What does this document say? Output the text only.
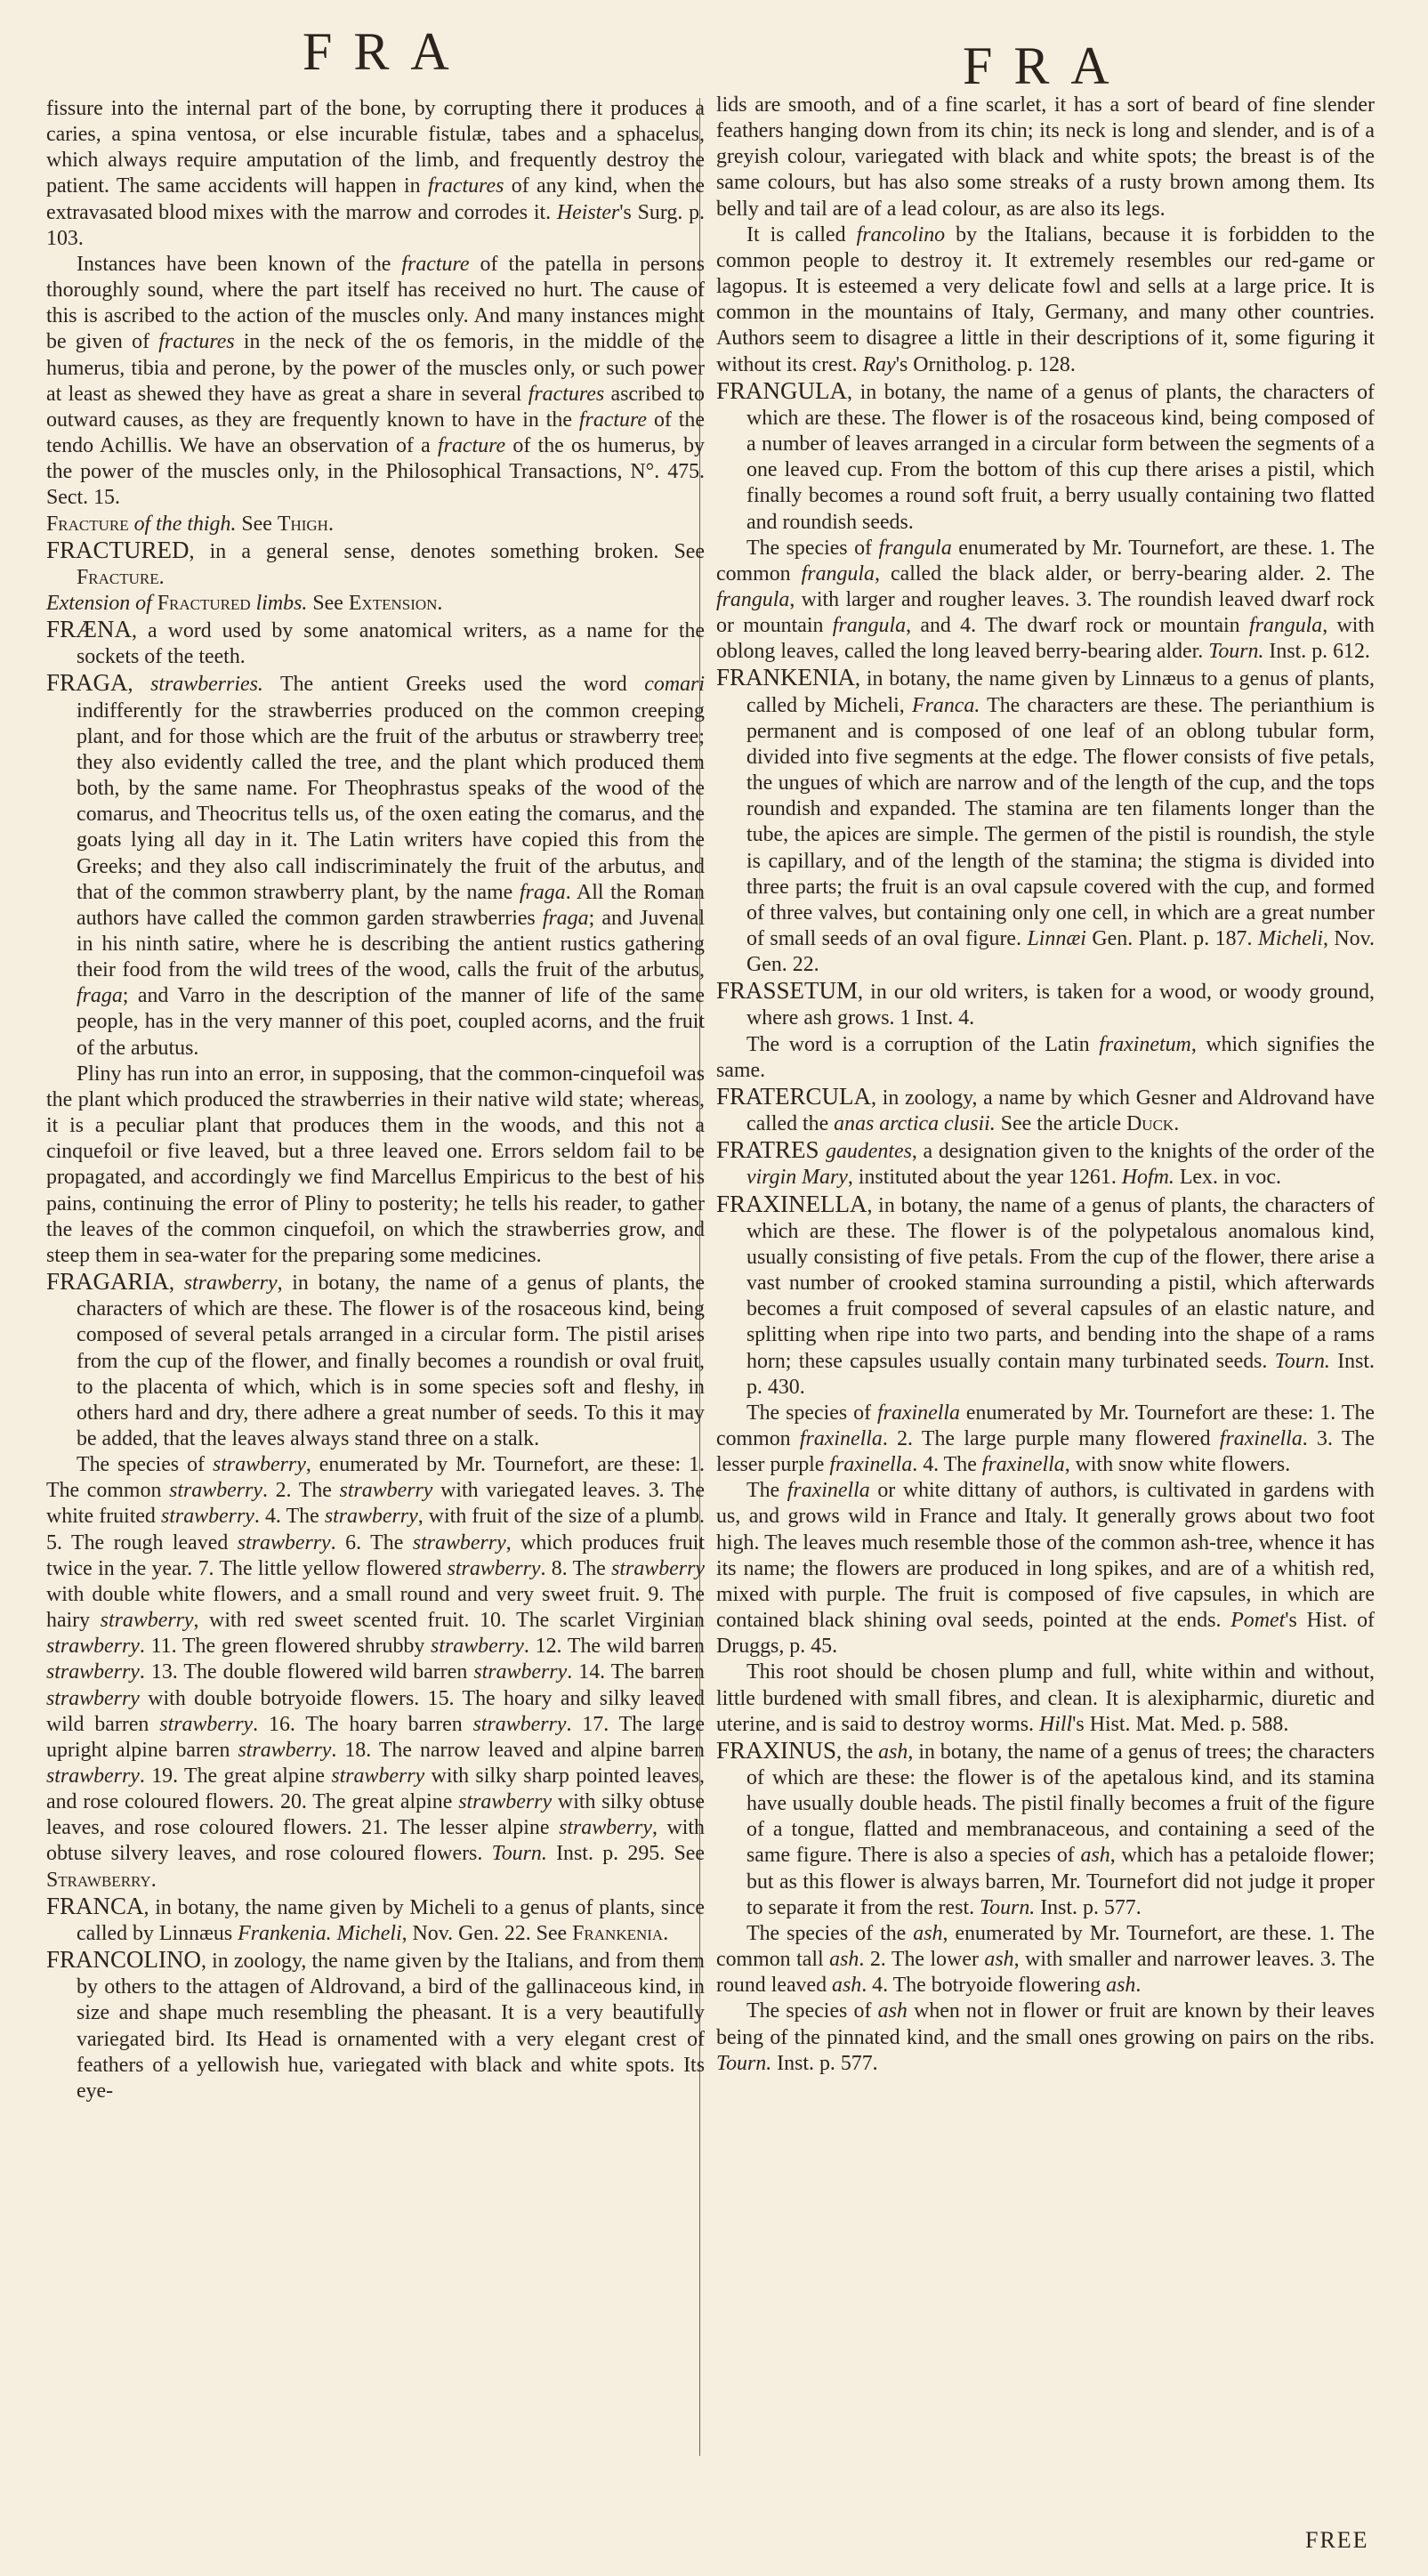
FRA	FRA

fissure into the internal part of the bone, by corrupting there it produces a caries, a spina ventosa, or else incurable fistulæ, tabes and a sphacelus, which always require amputation of the limb, and frequently destroy the patient. The same accidents will happen in fractures of any kind, when the extravasated blood mixes with the marrow and corrodes it. Heister's Surg. p. 103.

Instances have been known of the fracture of the patella in persons thoroughly sound, where the part itself has received no hurt. The cause of this is ascribed to the action of the muscles only. And many instances might be given of fractures in the neck of the os femoris, in the middle of the humerus, tibia and perone, by the power of the muscles only, or such power at least as shewed they have as great a share in several fractures ascribed to outward causes, as they are frequently known to have in the fracture of the tendo Achillis. We have an observation of a fracture of the os humerus, by the power of the muscles only, in the Philosophical Transactions, N°. 475. Sect. 15.

Fracture of the thigh. See Thigh.

FRACTURED, in a general sense, denotes something broken. See Fracture.

Extension of Fractured limbs. See Extension.

FRÆNA, a word used by some anatomical writers, as a name for the sockets of the teeth.

FRAGA, strawberries. The antient Greeks used the word comari indifferently for the strawberries produced on the common creeping plant, and for those which are the fruit of the arbutus or strawberry tree; they also evidently called the tree, and the plant which produced them both, by the same name. For Theophrastus speaks of the wood of the comarus, and Theocritus tells us, of the oxen eating the comarus, and the goats lying all day in it. The Latin writers have copied this from the Greeks; and they also call indiscriminately the fruit of the arbutus, and that of the common strawberry plant, by the name fraga. All the Roman authors have called the common garden strawberries fraga; and Juvenal in his ninth satire, where he is describing the antient rustics gathering their food from the wild trees of the wood, calls the fruit of the arbutus, fraga; and Varro in the description of the manner of life of the same people, has in the very manner of this poet, coupled acorns, and the fruit of the arbutus.

Pliny has run into an error, in supposing, that the common-cinquefoil was the plant which produced the strawberries in their native wild state; whereas, it is a peculiar plant that produces them in the woods, and this not a cinquefoil or five leaved, but a three leaved one. Errors seldom fail to be propagated, and accordingly we find Marcellus Empiricus to the best of his pains, continuing the error of Pliny to posterity; he tells his reader, to gather the leaves of the common cinquefoil, on which the strawberries grow, and steep them in sea-water for the preparing some medicines.

FRAGARIA, strawberry, in botany, the name of a genus of plants, the characters of which are these. The flower is of the rosaceous kind, being composed of several petals arranged in a circular form. The pistil arises from the cup of the flower, and finally becomes a roundish or oval fruit, to the placenta of which, which is in some species soft and fleshy, in others hard and dry, there adhere a great number of seeds. To this it may be added, that the leaves always stand three on a stalk.

The species of strawberry, enumerated by Mr. Tournefort, are these: 1. The common strawberry. 2. The strawberry with variegated leaves. 3. The white fruited strawberry. 4. The strawberry, with fruit of the size of a plumb. 5. The rough leaved strawberry. 6. The strawberry, which produces fruit twice in the year. 7. The little yellow flowered strawberry. 8. The strawberry with double white flowers, and a small round and very sweet fruit. 9. The hairy strawberry, with red sweet scented fruit. 10. The scarlet Virginian strawberry. 11. The green flowered shrubby strawberry. 12. The wild barren strawberry. 13. The double flowered wild barren strawberry. 14. The barren strawberry with double botryoide flowers. 15. The hoary and silky leaved wild barren strawberry. 16. The hoary barren strawberry. 17. The large upright alpine barren strawberry. 18. The narrow leaved and alpine barren strawberry. 19. The great alpine strawberry with silky sharp pointed leaves, and rose coloured flowers. 20. The great alpine strawberry with silky obtuse leaves, and rose coloured flowers. 21. The lesser alpine strawberry, with obtuse silvery leaves, and rose coloured flowers. Tourn. Inst. p. 295. See Strawberry.

FRANCA, in botany, the name given by Micheli to a genus of plants, since called by Linnæus Frankenia. Micheli, Nov. Gen. 22. See Frankenia.

FRANCOLINO, in zoology, the name given by the Italians, and from them by others to the attagen of Aldrovand, a bird of the gallinaceous kind, in size and shape much resembling the pheasant. It is a very beautifully variegated bird. Its Head is ornamented with a very elegant crest of feathers of a yellowish hue, variegated with black and white spots. Its eye-

lids are smooth, and of a fine scarlet, it has a sort of beard of fine slender feathers hanging down from its chin; its neck is long and slender, and is of a greyish colour, variegated with black and white spots; the breast is of the same colours, but has also some streaks of a rusty brown among them. Its belly and tail are of a lead colour, as are also its legs.

It is called francolino by the Italians, because it is forbidden to the common people to destroy it. It extremely resembles our red-game or lagopus. It is esteemed a very delicate fowl and sells at a large price. It is common in the mountains of Italy, Germany, and many other countries. Authors seem to disagree a little in their descriptions of it, some figuring it without its crest. Ray's Ornitholog. p. 128.

FRANGULA, in botany, the name of a genus of plants, the characters of which are these. The flower is of the rosaceous kind, being composed of a number of leaves arranged in a circular form between the segments of a one leaved cup. From the bottom of this cup there arises a pistil, which finally becomes a round soft fruit, a berry usually containing two flatted and roundish seeds.

The species of frangula enumerated by Mr. Tournefort, are these. 1. The common frangula, called the black alder, or berry-bearing alder. 2. The frangula, with larger and rougher leaves. 3. The roundish leaved dwarf rock or mountain frangula, and 4. The dwarf rock or mountain frangula, with oblong leaves, called the long leaved berry-bearing alder. Tourn. Inst. p. 612.

FRANKENIA, in botany, the name given by Linnæus to a genus of plants, called by Micheli, Franca. The characters are these. The perianthium is permanent and is composed of one leaf of an oblong tubular form, divided into five segments at the edge. The flower consists of five petals, the ungues of which are narrow and of the length of the cup, and the tops roundish and expanded. The stamina are ten filaments longer than the tube, the apices are simple. The germen of the pistil is roundish, the style is capillary, and of the length of the stamina; the stigma is divided into three parts; the fruit is an oval capsule covered with the cup, and formed of three valves, but containing only one cell, in which are a great number of small seeds of an oval figure. Linnæi Gen. Plant. p. 187. Micheli, Nov. Gen. 22.

FRASSETUM, in our old writers, is taken for a wood, or woody ground, where ash grows. 1 Inst. 4.

The word is a corruption of the Latin fraxinetum, which signifies the same.

FRATERCULA, in zoology, a name by which Gesner and Aldrovand have called the anas arctica clusii. See the article Duck.

FRATRES gaudentes, a designation given to the knights of the order of the virgin Mary, instituted about the year 1261. Hofm. Lex. in voc.

FRAXINELLA, in botany, the name of a genus of plants, the characters of which are these. The flower is of the polypetalous anomalous kind, usually consisting of five petals. From the cup of the flower, there arise a vast number of crooked stamina surrounding a pistil, which afterwards becomes a fruit composed of several capsules of an elastic nature, and splitting when ripe into two parts, and bending into the shape of a rams horn; these capsules usually contain many turbinated seeds. Tourn. Inst. p. 430.

The species of fraxinella enumerated by Mr. Tournefort are these: 1. The common fraxinella. 2. The large purple many flowered fraxinella. 3. The lesser purple fraxinella. 4. The fraxinella, with snow white flowers.

The fraxinella or white dittany of authors, is cultivated in gardens with us, and grows wild in France and Italy. It generally grows about two foot high. The leaves much resemble those of the common ash-tree, whence it has its name; the flowers are produced in long spikes, and are of a whitish red, mixed with purple. The fruit is composed of five capsules, in which are contained black shining oval seeds, pointed at the ends. Pomet's Hist. of Druggs, p. 45.

This root should be chosen plump and full, white within and without, little burdened with small fibres, and clean. It is alexipharmic, diuretic and uterine, and is said to destroy worms. Hill's Hist. Mat. Med. p. 588.

FRAXINUS, the ash, in botany, the name of a genus of trees; the characters of which are these: the flower is of the apetalous kind, and its stamina have usually double heads. The pistil finally becomes a fruit of the figure of a tongue, flatted and membranaceous, and containing a seed of the same figure. There is also a species of ash, which has a petaloide flower; but as this flower is always barren, Mr. Tournefort did not judge it proper to separate it from the rest. Tourn. Inst. p. 577.

The species of the ash, enumerated by Mr. Tournefort, are these. 1. The common tall ash. 2. The lower ash, with smaller and narrower leaves. 3. The round leaved ash. 4. The botryoide flowering ash.

The species of ash when not in flower or fruit are known by their leaves being of the pinnated kind, and the small ones growing on pairs on the ribs. Tourn. Inst. p. 577.

FREE
